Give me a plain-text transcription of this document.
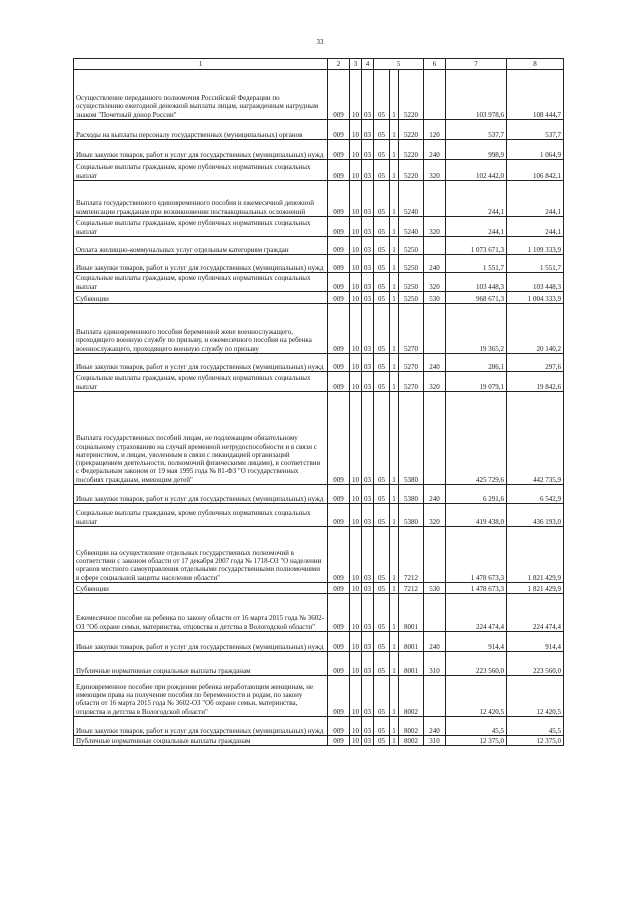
33
1	2	3	4	5			6	7	8
Осуществление переданного полномочия Российской Федерации по осуществлению ежегодной денежной выплаты лицам, награжденным нагрудным знаком "Почетный донор России"	009	10	03	05	1	5220		103 978,6	108 444,7
Расходы на выплаты персоналу государственных (муниципальных) органов	009	10	03	05	1	5220	120	537,7	537,7
Иные закупки товаров, работ и услуг для государственных (муниципальных) нужд	009	10	03	05	1	5220	240	998,9	1 064,9
Социальные выплаты гражданам, кроме публичных нормативных социальных выплат	009	10	03	05	1	5220	320	102 442,0	106 842,1
Выплата государственного единовременного пособия и ежемесячной денежной компенсации гражданам при возникновении поствакцинальных осложнений	009	10	03	05	1	5240		244,1	244,1
Социальные выплаты гражданам, кроме публичных нормативных социальных выплат	009	10	03	05	1	5240	320	244,1	244,1
Оплата жилищно-коммунальных услуг отдельным категориям граждан	009	10	03	05	1	5250		1 073 671,3	1 109 333,9
Иные закупки товаров, работ и услуг для государственных (муниципальных) нужд	009	10	03	05	1	5250	240	1 551,7	1 551,7
Социальные выплаты гражданам, кроме публичных нормативных социальных выплат	009	10	03	05	1	5250	320	103 448,3	103 448,3
Субвенции	009	10	03	05	1	5250	530	968 671,3	1 004 333,9
Выплата единовременного пособия беременной жене военнослужащего, проходящего военную службу по призыву, и ежемесячного пособия на ребенка военнослужащего, проходящего военную службу по призыву	009	10	03	05	1	5270		19 365,2	20 140,2
Иные закупки товаров, работ и услуг для государственных (муниципальных) нужд	009	10	03	05	1	5270	240	286,1	297,6
Социальные выплаты гражданам, кроме публичных нормативных социальных выплат	009	10	03	05	1	5270	320	19 079,1	19 842,6
Выплата государственных пособий лицам, не подлежащим обязательному социальному страхованию на случай временной нетрудоспособности и в связи с материнством, и лицам, уволенным в связи с ликвидацией организаций (прекращением деятельности, полномочий физическими лицами), в соответствии с Федеральным законом от 19 мая 1995 года № 81-ФЗ "О государственных пособиях гражданам, имеющим детей"	009	10	03	05	1	5380		425 729,6	442 735,9
Иные закупки товаров, работ и услуг для государственных (муниципальных) нужд	009	10	03	05	1	5380	240	6 291,6	6 542,9
Социальные выплаты гражданам, кроме публичных нормативных социальных выплат	009	10	03	05	1	5380	320	419 438,0	436 193,0
Субвенции на осуществление отдельных государственных полномочий в соответствии с законом области от 17 декабря 2007 года № 1718-ОЗ "О наделении органов местного самоуправления отдельными государственными полномочиями в сфере социальной защиты населения области"	009	10	03	05	1	7212		1 478 673,3	1 821 429,9
Субвенции	009	10	03	05	1	7212	530	1 478 673,3	1 821 429,9
Ежемесячное пособие на ребенка по закону области от 16 марта 2015 года № 3602-ОЗ "Об охране семьи, материнства, отцовства и детства в Вологодской области"	009	10	03	05	1	8001		224 474,4	224 474,4
Иные закупки товаров, работ и услуг для государственных (муниципальных) нужд	009	10	03	05	1	8001	240	914,4	914,4
Публичные нормативные социальные выплаты гражданам	009	10	03	05	1	8001	310	223 560,0	223 560,0
Единовременное пособие при рождении ребенка неработающим женщинам, не имеющим права на получение пособия по беременности и родам, по закону области от 16 марта 2015 года № 3602-ОЗ "Об охране семьи, материнства, отцовства и детства в Вологодской области"	009	10	03	05	1	8002		12 420,5	12 420,5
Иные закупки товаров, работ и услуг для государственных (муниципальных) нужд	009	10	03	05	1	8002	240	45,5	45,5
Публичные нормативные социальные выплаты гражданам	009	10	03	05	1	8002	310	12 375,0	12 375,0
